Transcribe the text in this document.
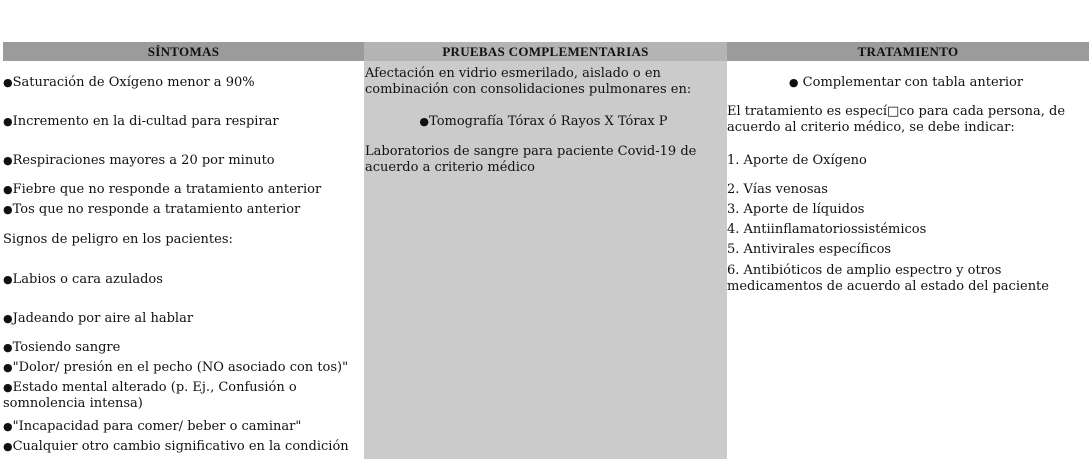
SÍNTOMAS	PRUEBAS COMPLEMENTARIAS	TRATAMIENTO
●Saturación de Oxígeno menor a 90%
●Incremento en la di-cultad para respirar
●Respiraciones mayores a 20 por minuto
●Fiebre que no responde a tratamiento anterior
●Tos que no responde a tratamiento anterior
Signos de peligro en los pacientes:
●Labios o cara azulados
●Jadeando por aire al hablar
●Tosiendo sangre
●"Dolor/ presión en el pecho (NO asociado con tos)"
●Estado mental alterado (p. Ej., Confusión o somnolencia intensa)
●"Incapacidad para comer/ beber o caminar"
●Cualquier otro cambio significativo en la condición
Afectación en vidrio esmerilado, aislado o en combinación con consolidaciones pulmonares en:
●Tomografía Tórax ó Rayos X Tórax P
Laboratorios de sangre para paciente Covid-19 de acuerdo a criterio médico
● Complementar con tabla anterior
El tratamiento es especí□co para cada persona, de acuerdo al criterio médico, se debe indicar:
1. Aporte de Oxígeno
2. Vías venosas
3. Aporte de líquidos
4. Antiinflamatoriossistémicos
5. Antivirales específicos
6. Antibióticos de amplio espectro y otros medicamentos de acuerdo al estado del paciente
